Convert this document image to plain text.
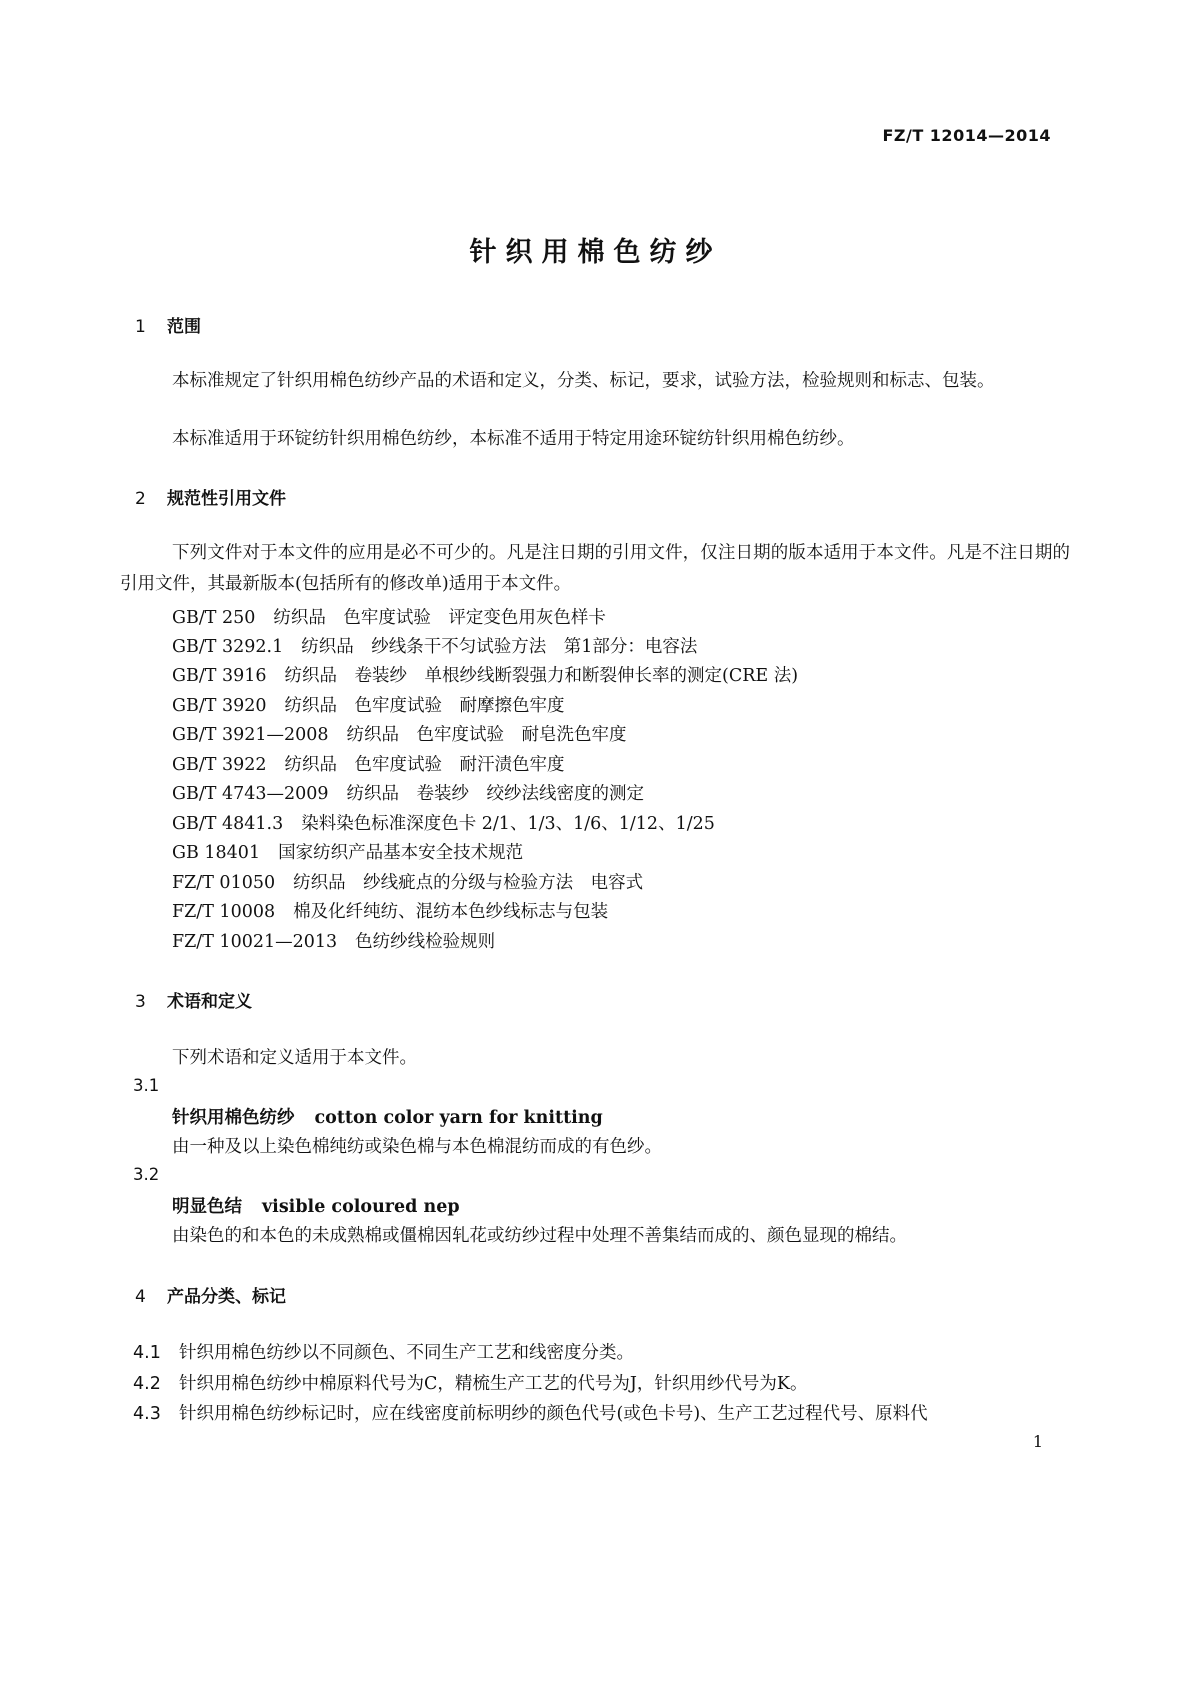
FZ/T 12014—2014
针织用棉色纺纱
1 范围
本标准规定了针织用棉色纺纱产品的术语和定义，分类、标记，要求，试验方法，检验规则和标志、包装。
本标准适用于环锭纺针织用棉色纺纱，本标准不适用于特定用途环锭纺针织用棉色纺纱。
2 规范性引用文件
下列文件对于本文件的应用是必不可少的。凡是注日期的引用文件，仅注日期的版本适用于本文件。凡是不注日期的引用文件，其最新版本(包括所有的修改单)适用于本文件。
GB/T 250 纺织品　色牢度试验　评定变色用灰色样卡
GB/T 3292.1 纺织品　纱线条干不匀试验方法　第1部分：电容法
GB/T 3916 纺织品　卷装纱　单根纱线断裂强力和断裂伸长率的测定(CRE 法)
GB/T 3920 纺织品　色牢度试验　耐摩擦色牢度
GB/T 3921—2008 纺织品　色牢度试验　耐皂洗色牢度
GB/T 3922 纺织品　色牢度试验　耐汗渍色牢度
GB/T 4743—2009 纺织品　卷装纱　绞纱法线密度的测定
GB/T 4841.3 染料染色标准深度色卡 2/1、1/3、1/6、1/12、1/25
GB 18401 国家纺织产品基本安全技术规范
FZ/T 01050 纺织品　纱线疵点的分级与检验方法　电容式
FZ/T 10008 棉及化纤纯纺、混纺本色纱线标志与包装
FZ/T 10021—2013 色纺纱线检验规则
3 术语和定义
下列术语和定义适用于本文件。
3.1
针织用棉色纺纱 cotton color yarn for knitting
由一种及以上染色棉纯纺或染色棉与本色棉混纺而成的有色纱。
3.2
明显色结 visible coloured nep
由染色的和本色的未成熟棉或僵棉因轧花或纺纱过程中处理不善集结而成的、颜色显现的棉结。
4 产品分类、标记
4.1 针织用棉色纺纱以不同颜色、不同生产工艺和线密度分类。
4.2 针织用棉色纺纱中棉原料代号为C，精梳生产工艺的代号为J，针织用纱代号为K。
4.3 针织用棉色纺纱标记时，应在线密度前标明纱的颜色代号(或色卡号)、生产工艺过程代号、原料代
1
